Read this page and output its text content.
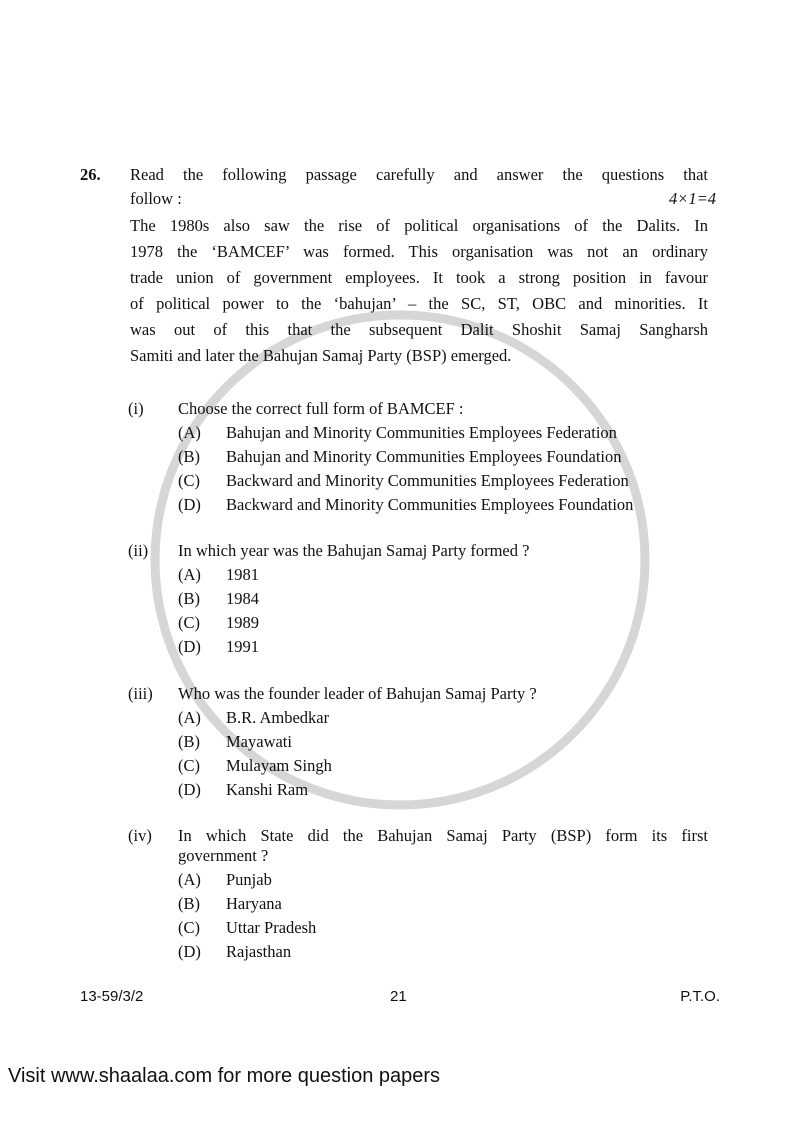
26. Read the following passage carefully and answer the questions that
follow :	4×1=4
The 1980s also saw the rise of political organisations of the Dalits. In
1978 the ‘BAMCEF’ was formed. This organisation was not an ordinary
trade union of government employees. It took a strong position in favour
of political power to the ‘bahujan’ – the SC, ST, OBC and minorities. It
was out of this that the subsequent Dalit Shoshit Samaj Sangharsh
Samiti and later the Bahujan Samaj Party (BSP) emerged.
(i) Choose the correct full form of BAMCEF :
(A) Bahujan and Minority Communities Employees Federation
(B) Bahujan and Minority Communities Employees Foundation
(C) Backward and Minority Communities Employees Federation
(D) Backward and Minority Communities Employees Foundation
(ii) In which year was the Bahujan Samaj Party formed ?
(A) 1981
(B) 1984
(C) 1989
(D) 1991
(iii) Who was the founder leader of Bahujan Samaj Party ?
(A) B.R. Ambedkar
(B) Mayawati
(C) Mulayam Singh
(D) Kanshi Ram
(iv) In which State did the Bahujan Samaj Party (BSP) form its first
government ?
(A) Punjab
(B) Haryana
(C) Uttar Pradesh
(D) Rajasthan
13-59/3/2	21	P.T.O.
Visit www.shaalaa.com for more question papers
